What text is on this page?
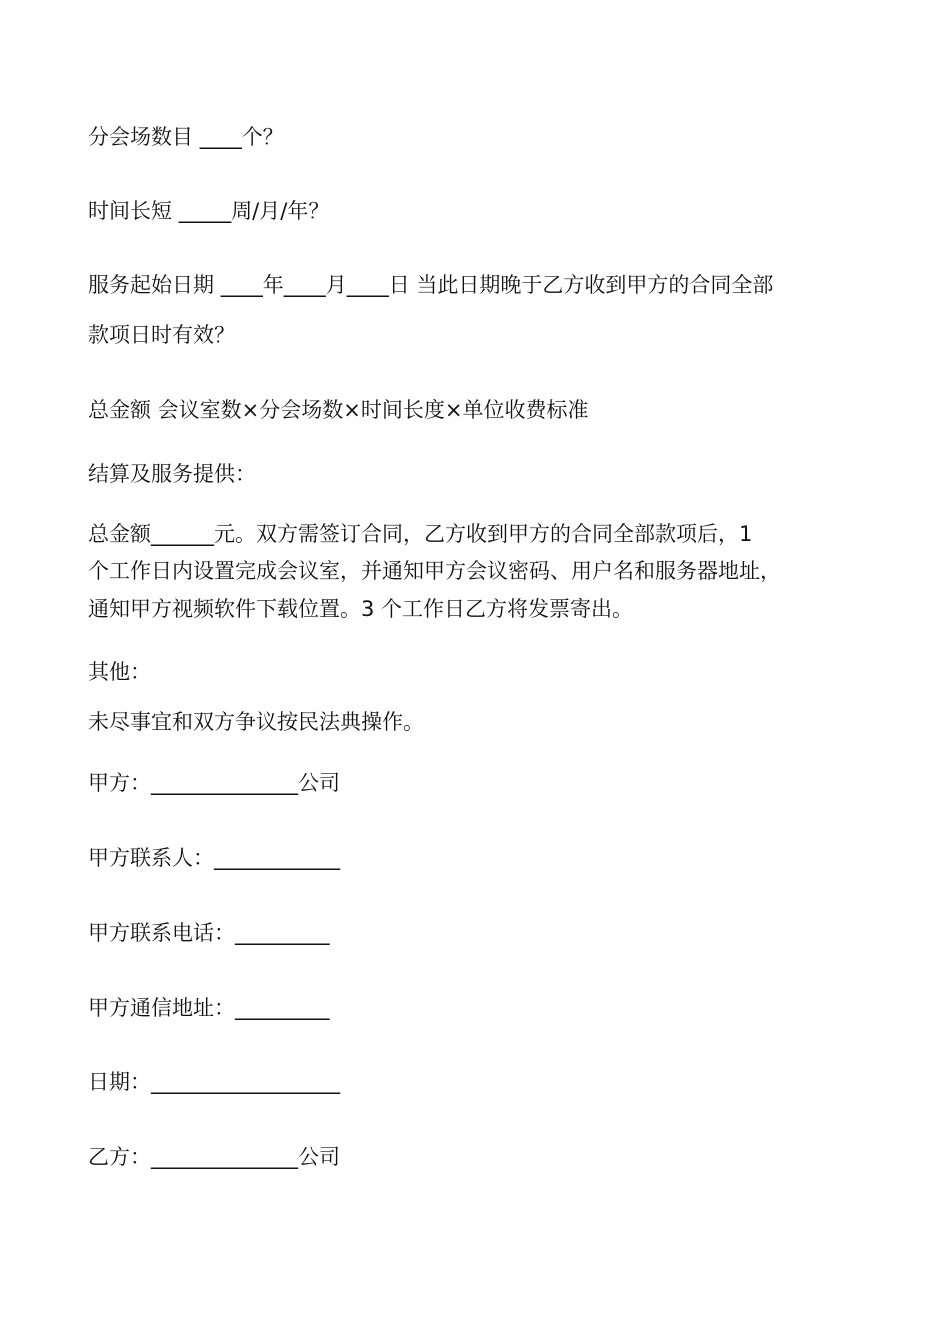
分会场数目 ____个？
时间长短 _____周/月/年？
服务起始日期 ____年____月____日 当此日期晚于乙方收到甲方的合同全部
款项日时有效？
总金额 会议室数×分会场数×时间长度×单位收费标准
结算及服务提供：
总金额______元。双方需签订合同，乙方收到甲方的合同全部款项后，1
个工作日内设置完成会议室，并通知甲方会议密码、用户名和服务器地址，
通知甲方视频软件下载位置。3 个工作日乙方将发票寄出。
其他：
未尽事宜和双方争议按民法典操作。
甲方：______________公司
甲方联系人：____________
甲方联系电话：_________
甲方通信地址：_________
日期：__________________
乙方：______________公司
